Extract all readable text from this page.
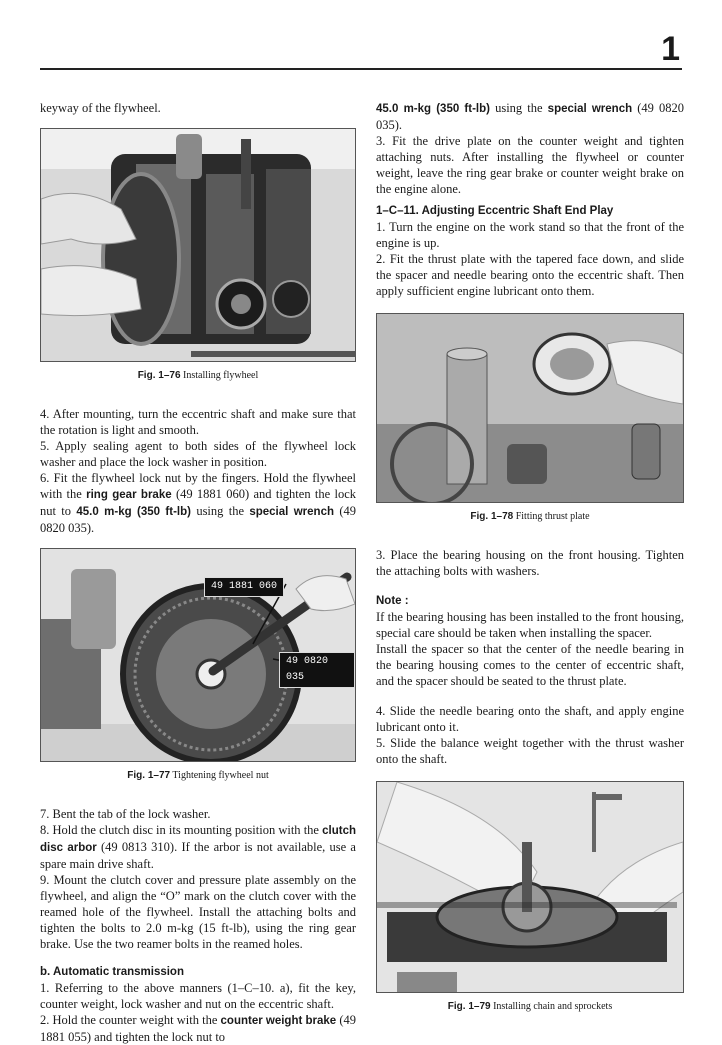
1

keyway of the flywheel.

Fig. 1–76 Installing flywheel

4. After mounting, turn the eccentric shaft and make sure that the rotation is light and smooth.

5. Apply sealing agent to both sides of the flywheel lock washer and place the lock washer in position.

6. Fit the flywheel lock nut by the fingers. Hold the flywheel with the ring gear brake (49 1881 060) and tighten the lock nut to 45.0 m-kg (350 ft-lb) using the special wrench (49 0820 035).

49 1881 060
49 0820 035
Fig. 1–77 Tightening flywheel nut

7. Bent the tab of the lock washer.

8. Hold the clutch disc in its mounting position with the clutch disc arbor (49 0813 310). If the arbor is not available, use a spare main drive shaft.

9. Mount the clutch cover and pressure plate assembly on the flywheel, and align the “O” mark on the clutch cover with the reamed hole of the flywheel. Install the attaching bolts and tighten the bolts to 2.0 m-kg (15 ft-lb), using the ring gear brake. Use the two reamer bolts in the reamed holes.

b. Automatic transmission

1. Referring to the above manners (1–C–10. a), fit the key, counter weight, lock washer and nut on the eccentric shaft.

2. Hold the counter weight with the counter weight brake (49 1881 055) and tighten the lock nut to

45.0 m-kg (350 ft-lb) using the special wrench (49 0820 035).

3. Fit the drive plate on the counter weight and tighten attaching nuts. After installing the flywheel or counter weight, leave the ring gear brake or counter weight brake on the engine alone.

1–C–11. Adjusting Eccentric Shaft End Play

1. Turn the engine on the work stand so that the front of the engine is up.

2. Fit the thrust plate with the tapered face down, and slide the spacer and needle bearing onto the eccentric shaft. Then apply sufficient engine lubricant onto them.

Fig. 1–78 Fitting thrust plate

3. Place the bearing housing on the front housing. Tighten the attaching bolts with washers.

Note :

If the bearing housing has been installed to the front housing, special care should be taken when installing the spacer.

Install the spacer so that the center of the needle bearing in the bearing housing comes to the center of eccentric shaft, and the spacer should be seated to the thrust plate.

4. Slide the needle bearing onto the shaft, and apply engine lubricant onto it.

5. Slide the balance weight together with the thrust washer onto the shaft.

Fig. 1–79 Installing chain and sprockets
